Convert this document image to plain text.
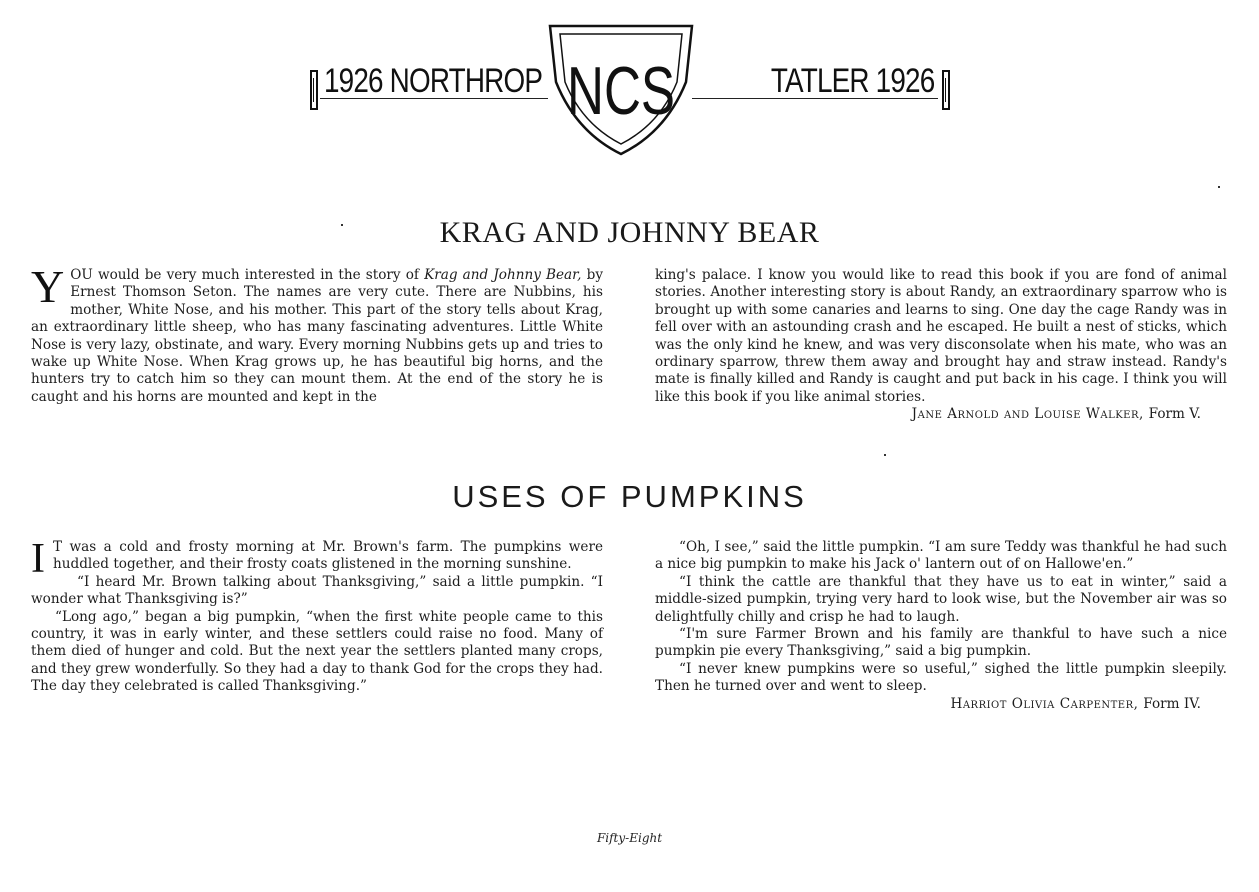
1926 NORTHROP NCS	TATLER 1926
KRAG AND JOHNNY BEAR

YOU would be very much interested in the story of Krag and Johnny Bear, by Ernest Thomson Seton. The names are very cute. There are Nubbins, his mother, White Nose, and his mother. This part of the story tells about Krag, an extraordinary little sheep, who has many fascinating adventures. Little White Nose is very lazy, obstinate, and wary. Every morning Nubbins gets up and tries to wake up White Nose. When Krag grows up, he has beautiful big horns, and the hunters try to catch him so they can mount them. At the end of the story he is caught and his horns are mounted and kept in the

king's palace. I know you would like to read this book if you are fond of animal stories. Another interesting story is about Randy, an extraordinary sparrow who is brought up with some canaries and learns to sing. One day the cage Randy was in fell over with an astounding crash and he escaped. He built a nest of sticks, which was the only kind he knew, and was very disconsolate when his mate, who was an ordinary sparrow, threw them away and brought hay and straw instead. Randy's mate is finally killed and Randy is caught and put back in his cage. I think you will like this book if you like animal stories.

Jane Arnold and Louise Walker, Form V.

USES OF PUMPKINS

I T was a cold and frosty morning at Mr. Brown's farm. The pumpkins were huddled together, and their frosty coats glistened in the morning sunshine.

“I heard Mr. Brown talking about Thanksgiving,” said a little pumpkin. “I wonder what Thanksgiving is?”

“Long ago,” began a big pumpkin, “when the first white people came to this country, it was in early winter, and these settlers could raise no food. Many of them died of hunger and cold. But the next year the settlers planted many crops, and they grew wonderfully. So they had a day to thank God for the crops they had. The day they celebrated is called Thanksgiving.”

“Oh, I see,” said the little pumpkin. “I am sure Teddy was thankful he had such a nice big pumpkin to make his Jack o' lantern out of on Hallowe'en.”

“I think the cattle are thankful that they have us to eat in winter,” said a middle-sized pumpkin, trying very hard to look wise, but the November air was so delightfully chilly and crisp he had to laugh.

“I'm sure Farmer Brown and his family are thankful to have such a nice pumpkin pie every Thanksgiving,” said a big pumpkin.

“I never knew pumpkins were so useful,” sighed the little pumpkin sleepily. Then he turned over and went to sleep.

Harriot Olivia Carpenter, Form IV.

Fifty-Eight
